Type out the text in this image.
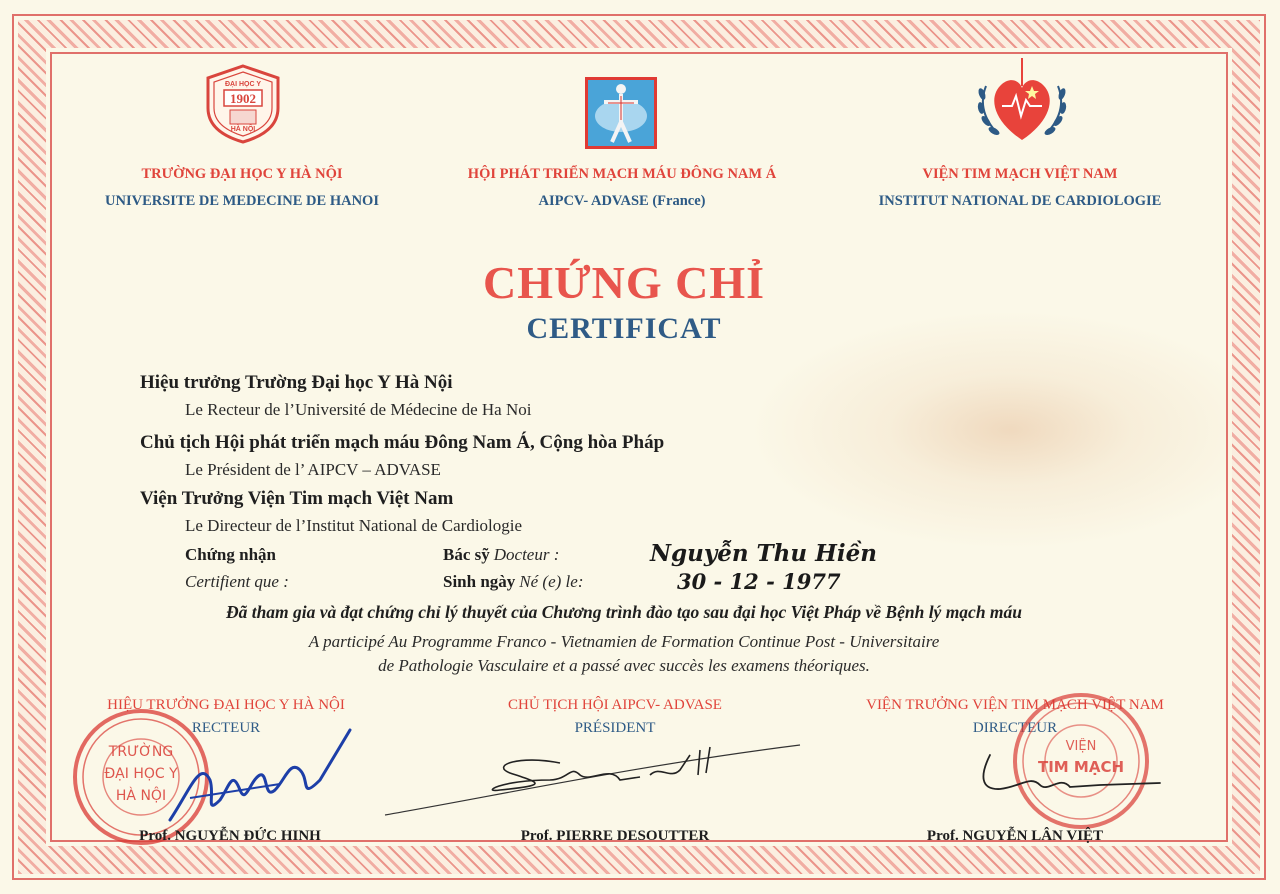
ĐẠI HỌC Y
1902
HÀ NỘI
TRƯỜNG ĐẠI HỌC Y HÀ NỘI
UNIVERSITE DE MEDECINE DE HANOI
HỘI PHÁT TRIỂN MẠCH MÁU ĐÔNG NAM Á
AIPCV- ADVASE (France)
VIỆN TIM MẠCH VIỆT NAM
INSTITUT NATIONAL DE CARDIOLOGIE
CHỨNG CHỈ
CERTIFICAT
Hiệu trưởng Trường Đại học Y Hà Nội
Le Recteur de l’Université de Médecine de Ha Noi
Chủ tịch Hội phát triển mạch máu Đông Nam Á, Cộng hòa Pháp
Le Président de l’ AIPCV – ADVASE
Viện Trưởng Viện Tim mạch Việt Nam
Le Directeur de l’Institut National de Cardiologie
Chứng nhận
Certifient que :
Bác sỹ Docteur :	Nguyễn Thu Hiền
Sinh ngày Né (e) le:	30 - 12 - 1977
Đã tham gia và đạt chứng chỉ lý thuyết của Chương trình đào tạo sau đại học Việt Pháp về Bệnh lý mạch máu
A participé Au Programme Franco - Vietnamien de Formation Continue Post - Universitaire
de Pathologie Vasculaire et a passé avec succès les examens théoriques.
HIỆU TRƯỞNG ĐẠI HỌC Y HÀ NỘI
RECTEUR
TRƯỜNG
ĐẠI HỌC Y
HÀ NỘI
Prof. NGUYỄN ĐỨC HINH
CHỦ TỊCH HỘI AIPCV- ADVASE
PRÉSIDENT
Prof. PIERRE DESOUTTER
VIỆN TRƯỞNG VIỆN TIM MẠCH VIỆT NAM
DIRECTEUR
VIỆN
TIM MẠCH
Prof. NGUYỄN LÂN VIỆT
